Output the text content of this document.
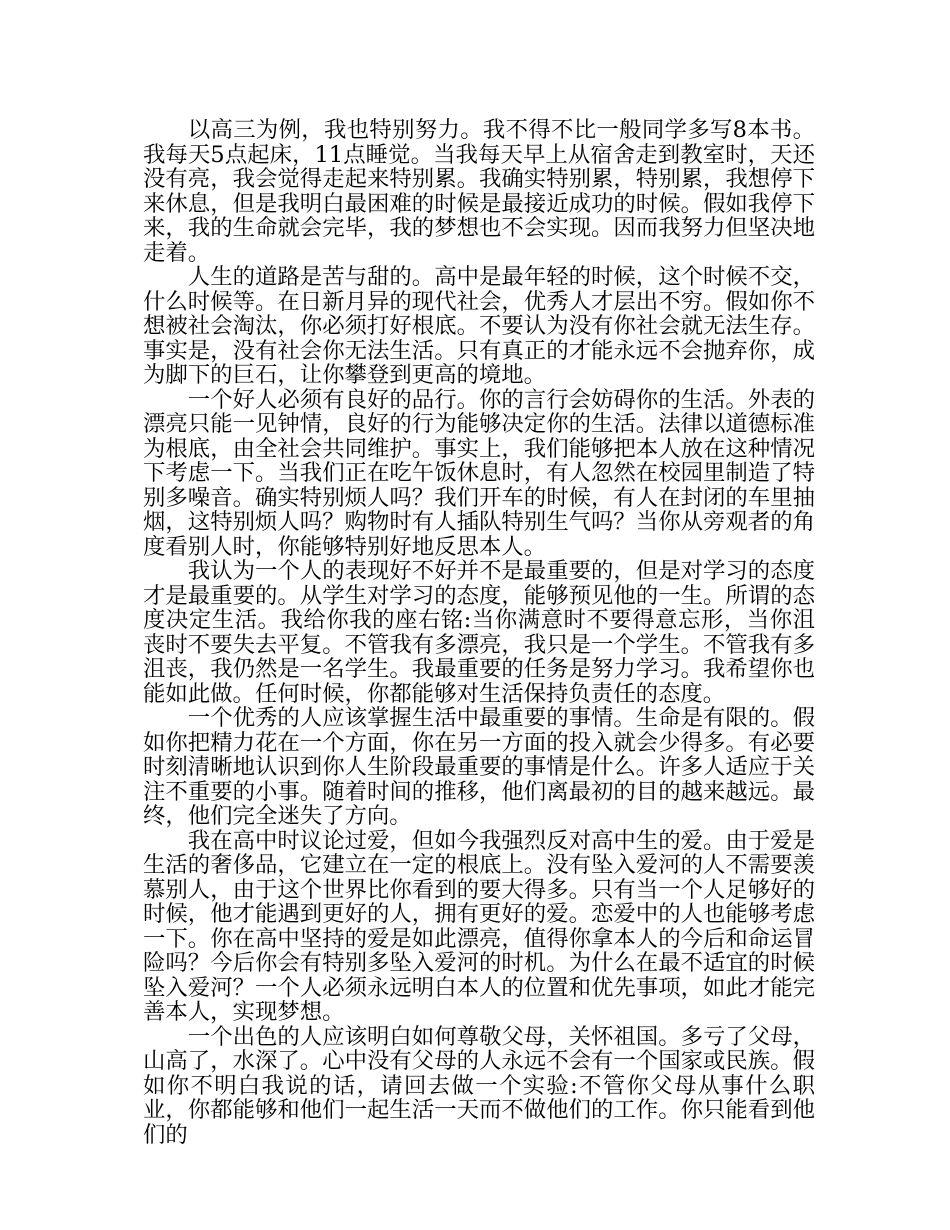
以高三为例，我也特别努力。我不得不比一般同学多写8本书。我每天5点起床，11点睡觉。当我每天早上从宿舍走到教室时，天还没有亮，我会觉得走起来特别累。我确实特别累，特别累，我想停下来休息，但是我明白最困难的时候是最接近成功的时候。假如我停下来，我的生命就会完毕，我的梦想也不会实现。因而我努力但坚决地走着。

人生的道路是苦与甜的。高中是最年轻的时候，这个时候不交，什么时候等。在日新月异的现代社会，优秀人才层出不穷。假如你不想被社会淘汰，你必须打好根底。不要认为没有你社会就无法生存。事实是，没有社会你无法生活。只有真正的才能永远不会抛弃你，成为脚下的巨石，让你攀登到更高的境地。

一个好人必须有良好的品行。你的言行会妨碍你的生活。外表的漂亮只能一见钟情，良好的行为能够决定你的生活。法律以道德标准为根底，由全社会共同维护。事实上，我们能够把本人放在这种情况下考虑一下。当我们正在吃午饭休息时，有人忽然在校园里制造了特别多噪音。确实特别烦人吗？我们开车的时候，有人在封闭的车里抽烟，这特别烦人吗？购物时有人插队特别生气吗？当你从旁观者的角度看别人时，你能够特别好地反思本人。

我认为一个人的表现好不好并不是最重要的，但是对学习的态度才是最重要的。从学生对学习的态度，能够预见他的一生。所谓的态度决定生活。我给你我的座右铭:当你满意时不要得意忘形，当你沮丧时不要失去平复。不管我有多漂亮，我只是一个学生。不管我有多沮丧，我仍然是一名学生。我最重要的任务是努力学习。我希望你也能如此做。任何时候，你都能够对生活保持负责任的态度。

一个优秀的人应该掌握生活中最重要的事情。生命是有限的。假如你把精力花在一个方面，你在另一方面的投入就会少得多。有必要时刻清晰地认识到你人生阶段最重要的事情是什么。许多人适应于关注不重要的小事。随着时间的推移，他们离最初的目的越来越远。最终，他们完全迷失了方向。

我在高中时议论过爱，但如今我强烈反对高中生的爱。由于爱是生活的奢侈品，它建立在一定的根底上。没有坠入爱河的人不需要羡慕别人，由于这个世界比你看到的要大得多。只有当一个人足够好的时候，他才能遇到更好的人，拥有更好的爱。恋爱中的人也能够考虑一下。你在高中坚持的爱是如此漂亮，值得你拿本人的今后和命运冒险吗？今后你会有特别多坠入爱河的时机。为什么在最不适宜的时候坠入爱河？一个人必须永远明白本人的位置和优先事项，如此才能完善本人，实现梦想。

一个出色的人应该明白如何尊敬父母，关怀祖国。多亏了父母，山高了，水深了。心中没有父母的人永远不会有一个国家或民族。假如你不明白我说的话，请回去做一个实验:不管你父母从事什么职业，你都能够和他们一起生活一天而不做他们的工作。你只能看到他们的
